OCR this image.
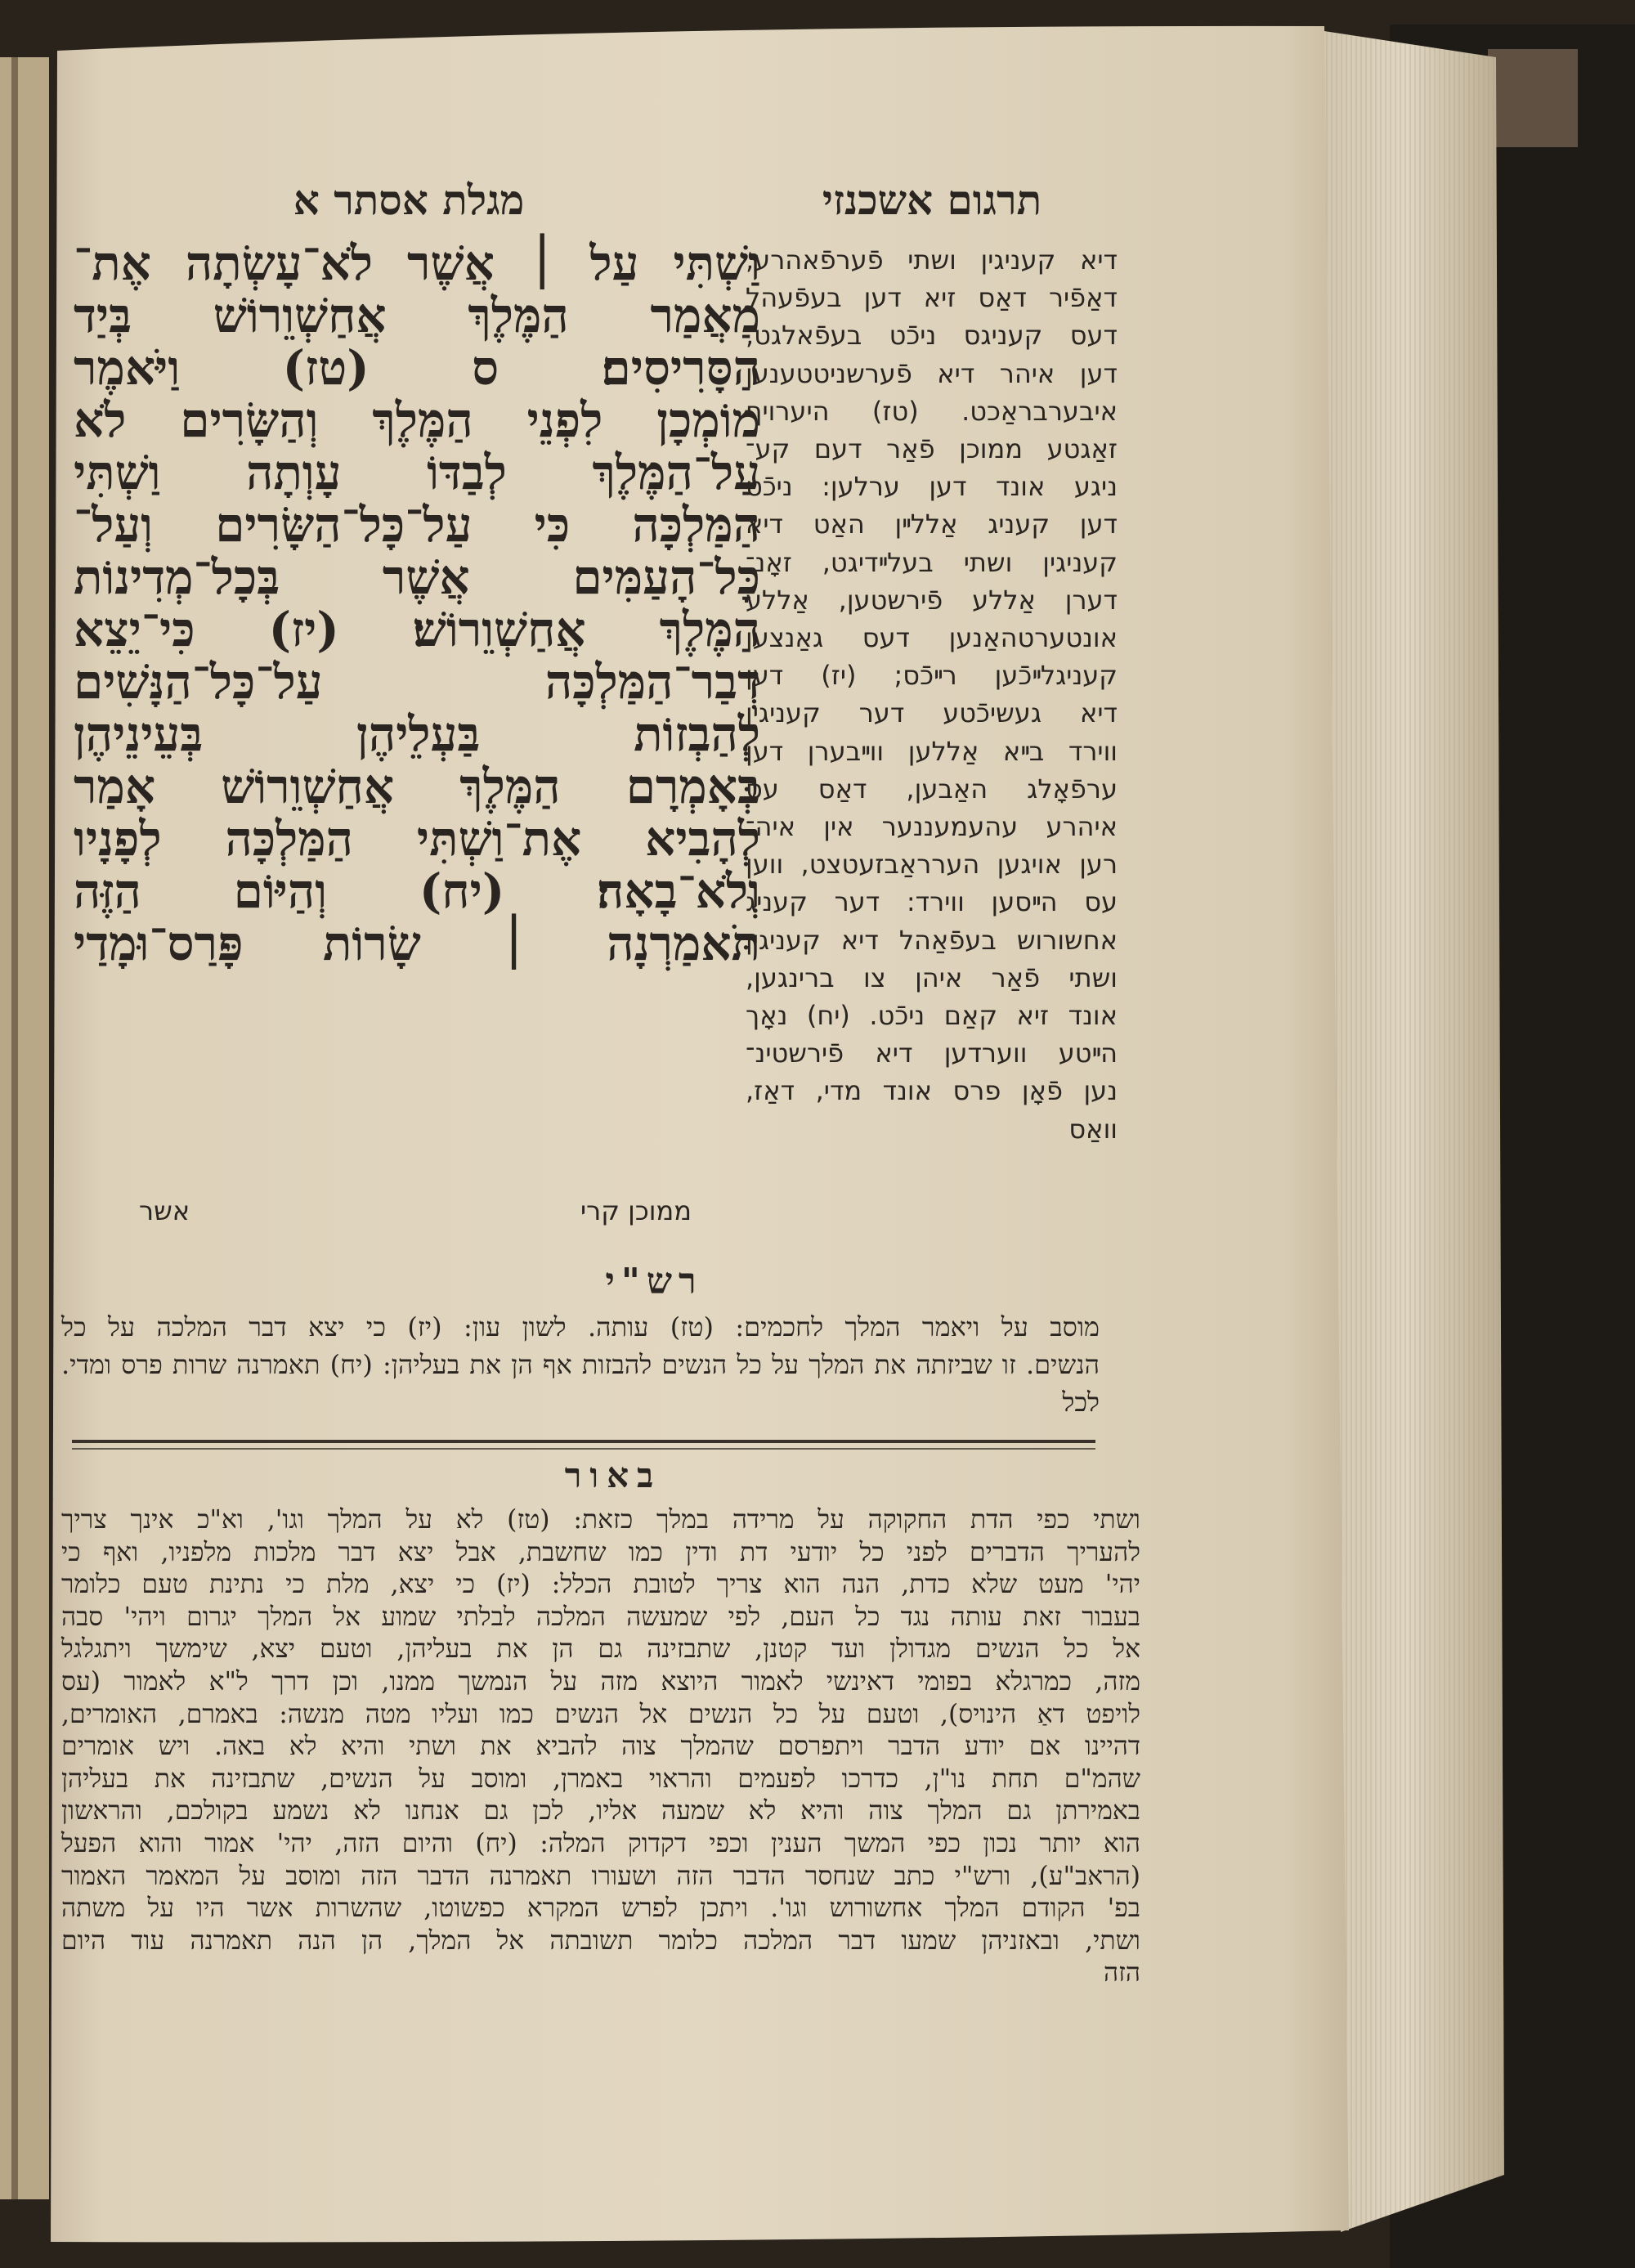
מגלת אסתר א	תרגום אשכנזי
וַשְׁתִּי עַל ׀ אֲשֶׁר לֹא־עָשְׂתָה אֶת־
מַאֲמַר הַמֶּלֶךְ אֲחַשְׁוֵרוֹשׁ בְּיַד
הַסָּרִיסִים׃ ס (טז) וַיֹּאמֶר
מוֹמְכָן לִפְנֵי הַמֶּלֶךְ וְהַשָּׂרִים לֹא
עַל־הַמֶּלֶךְ לְבַדּוֹ עָוְתָה וַשְׁתִּי
הַמַּלְכָּה כִּי עַל־כָּל־הַשָּׂרִים וְעַל־
כָּל־הָעַמִּים אֲשֶׁר בְּכָל־מְדִינוֹת
הַמֶּלֶךְ אֲחַשְׁוֵרוֹשׁ׃ (יז) כִּי־יֵצֵא
דְבַר־הַמַּלְכָּה עַל־כָּל־הַנָּשִׁים
לְהַבְזוֹת בַּעְלֵיהֶן בְּעֵינֵיהֶן
בְּאָמְרָם הַמֶּלֶךְ אֲחַשְׁוֵרוֹשׁ אָמַר
לְהָבִיא אֶת־וַשְׁתִּי הַמַּלְכָּה לְפָנָיו
וְלֹא־בָאָה׃ (יח) וְהַיּוֹם הַזֶּה
תֹּאמַרְנָה ׀ שָׂרוֹת פָּרַס־וּמָדַי
ממוכן קרי
אשר
דיא קעניגין ושתי פֿערפֿאהרע,
דאַפֿיר דאַס זיא דען בעפֿעהל
דעס קעניגס ניכֿט בעפֿאלגט,
דען איהר דיא פֿערשניטטענען
איבערבראַכט. (טז) היערויף
זאַגטע ממוכן פֿאַר דעם קע־
ניגע אונד דען ערלען: ניכֿט
דען קעניג אַללײן האַט דיא
קעניגין ושתי בעלײדיגט, זאָנ־
דערן אַללע פֿירשטען, אַללע
אונטערטהאַנען דעס גאַנצען
קעניגלײכֿען רײכֿס; (יז) דען
דיא געשיכֿטע דער קעניגין
ווירד בײא אַללען ווײבערן דען
ערפֿאָלג האַבען, דאַס עס
איהרע עהעמעננער אין איה־
רען אויגען הערראַבזעטצט, ווען
עס הײסען ווירד: דער קעניג
אחשורוש בעפֿאַהל דיא קעניגין
ושתי פֿאַר איהן צו ברינגען,
אונד זיא קאַם ניכֿט. (יח) נאָך
הײטע ווערדען דיא פֿירשטינ־
נען פֿאָן פרס אונד מדי, דאַז,
וואַס
רש"י
מוסב על ויאמר המלך לחכמים: (טז) עותה. לשון עון: (יז) כי יצא דבר המלכה על כל
הנשים. זו שביזתה את המלך על כל הנשים להבזות אף הן את בעליהן: (יח) תאמרנה שרות פרס ומדי.
לכל
באור
ושתי כפי הדת החקוקה על מרידה במלך כזאת: (טז) לא על המלך וגו', וא"כ אינך צריך
להעריך הדברים לפני כל יודעי דת ודין כמו שחשבת, אבל יצא דבר מלכות מלפניו, ואף כי
יהי' מעט שלא כדת, הנה הוא צריך לטובת הכלל: (יז) כי יצא, מלת כי נתינת טעם כלומר
בעבור זאת עותה נגד כל העם, לפי שמעשה המלכה לבלתי שמוע אל המלך יגרום ויהי' סבה
אל כל הנשים מגדולן ועד קטנן, שתבזינה גם הן את בעליהן, וטעם יצא, שימשך ויתגלגל
מזה, כמרגלא בפומי דאינשי לאמור היוצא מזה על הנמשך ממנו, וכן דרך ל"א לאמור (עס
לויפט דאַ הינויס), וטעם על כל הנשים אל הנשים כמו ועליו מטה מנשה: באמרם, האומרים,
דהיינו אם יודע הדבר ויתפרסם שהמלך צוה להביא את ושתי והיא לא באה. ויש אומרים
שהמ"ם תחת נו"ן, כדרכו לפעמים והראוי באמרן, ומוסב על הנשים, שתבזינה את בעליהן
באמירתן גם המלך צוה והיא לא שמעה אליו, לכן גם אנחנו לא נשמע בקולכם, והראשון
הוא יותר נכון כפי המשך הענין וכפי דקדוק המלה: (יח) והיום הזה, יהי' אמור והוא הפעל
(הראב"ע), ורש"י כתב שנחסר הדבר הזה ושעורו תאמרנה הדבר הזה ומוסב על המאמר האמור
בפ' הקודם המלך אחשורוש וגו'. ויתכן לפרש המקרא כפשוטו, שהשרות אשר היו על משתה
ושתי, ובאזניהן שמעו דבר המלכה כלומר תשובתה אל המלך, הן הנה תאמרנה עוד היום
הזה
